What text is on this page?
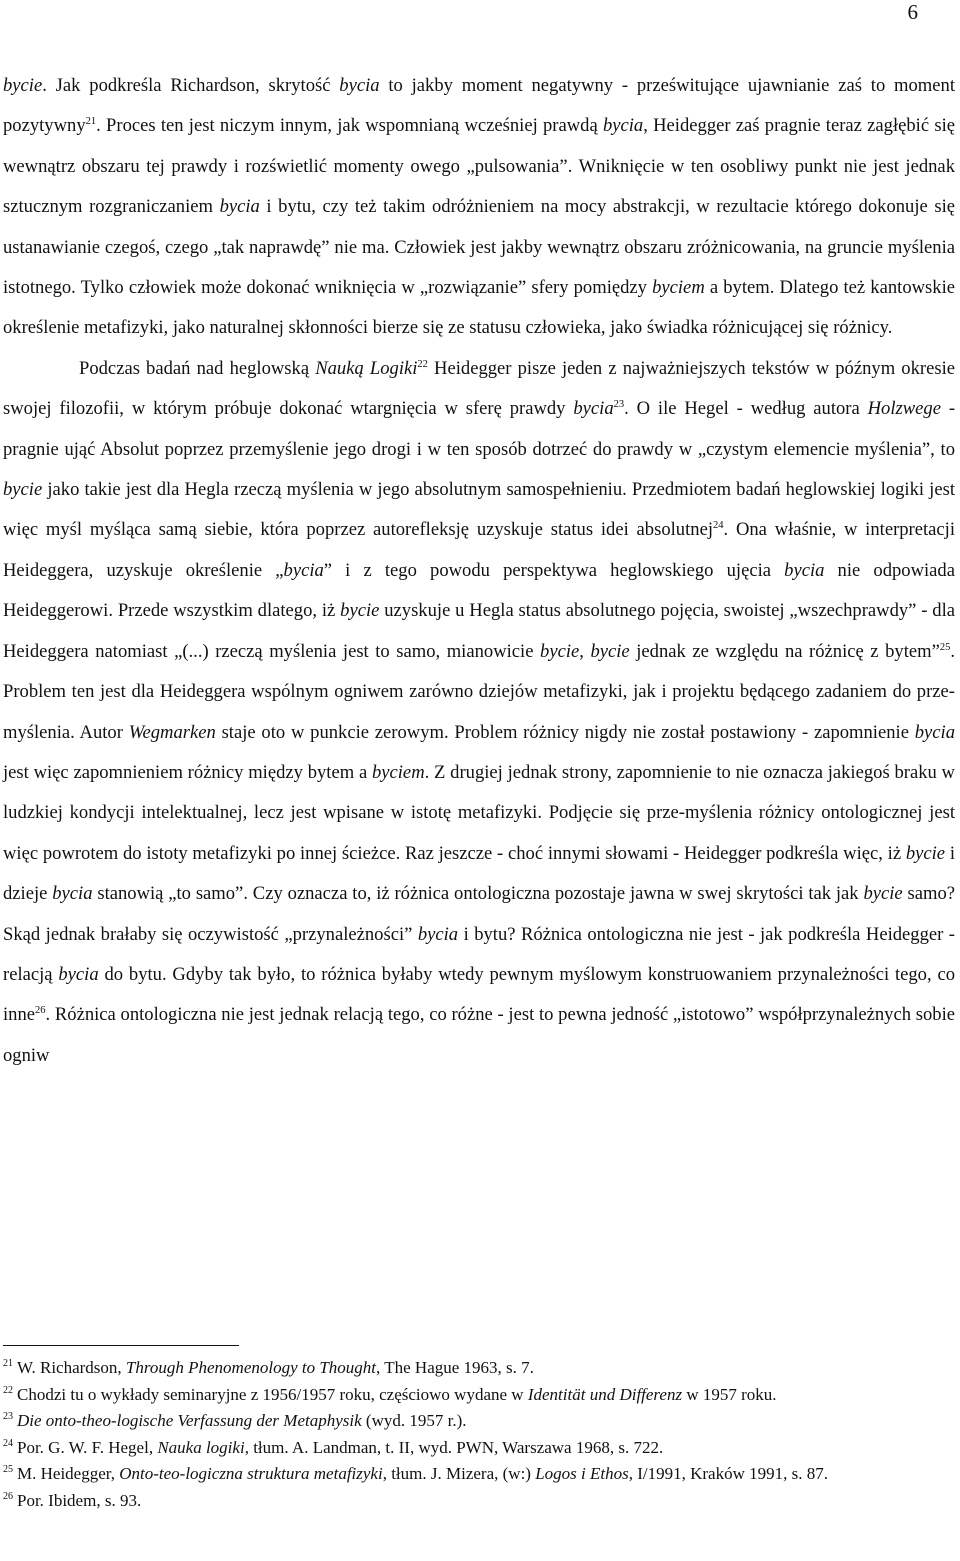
6

bycie. Jak podkreśla Richardson, skrytość bycia to jakby moment negatywny - prześwitujące ujawnianie zaś to moment pozytywny$^{21}$. Proces ten jest niczym innym, jak wspomnianą wcześniej prawdą bycia, Heidegger zaś pragnie teraz zagłębić się wewnątrz obszaru tej prawdy i rozświetlić momenty owego „pulsowania”. Wniknięcie w ten osobliwy punkt nie jest jednak sztucznym rozgraniczaniem bycia i bytu, czy też takim odróżnieniem na mocy abstrakcji, w rezultacie którego dokonuje się ustanawianie czegoś, czego „tak naprawdę” nie ma. Człowiek jest jakby wewnątrz obszaru zróżnicowania, na gruncie myślenia istotnego. Tylko człowiek może dokonać wniknięcia w „rozwiązanie” sfery pomiędzy byciem a bytem. Dlatego też kantowskie określenie metafizyki, jako naturalnej skłonności bierze się ze statusu człowieka, jako świadka różnicującej się różnicy.

Podczas badań nad heglowską Nauką Logiki$^{22}$ Heidegger pisze jeden z najważniejszych tekstów w późnym okresie swojej filozofii, w którym próbuje dokonać wtargnięcia w sferę prawdy bycia$^{23}$. O ile Hegel - według autora Holzwege - pragnie ująć Absolut poprzez przemyślenie jego drogi i w ten sposób dotrzeć do prawdy w „czystym elemencie myślenia”, to bycie jako takie jest dla Hegla rzeczą myślenia w jego absolutnym samospełnieniu. Przedmiotem badań heglowskiej logiki jest więc myśl myśląca samą siebie, która poprzez autorefleksję uzyskuje status idei absolutnej$^{24}$. Ona właśnie, w interpretacji Heideggera, uzyskuje określenie „bycia” i z tego powodu perspektywa heglowskiego ujęcia bycia nie odpowiada Heideggerowi. Przede wszystkim dlatego, iż bycie uzyskuje u Hegla status absolutnego pojęcia, swoistej „wszechprawdy” - dla Heideggera natomiast „(...) rzeczą myślenia jest to samo, mianowicie bycie, bycie jednak ze względu na różnicę z bytem”$^{25}$. Problem ten jest dla Heideggera wspólnym ogniwem zarówno dziejów metafizyki, jak i projektu będącego zadaniem do prze-myślenia. Autor Wegmarken staje oto w punkcie zerowym. Problem różnicy nigdy nie został postawiony - zapomnienie bycia jest więc zapomnieniem różnicy między bytem a byciem. Z drugiej jednak strony, zapomnienie to nie oznacza jakiegoś braku w ludzkiej kondycji intelektualnej, lecz jest wpisane w istotę metafizyki. Podjęcie się prze-myślenia różnicy ontologicznej jest więc powrotem do istoty metafizyki po innej ścieżce. Raz jeszcze - choć innymi słowami - Heidegger podkreśla więc, iż bycie i dzieje bycia stanowią „to samo”. Czy oznacza to, iż różnica ontologiczna pozostaje jawna w swej skrytości tak jak bycie samo? Skąd jednak brałaby się oczywistość „przynależności” bycia i bytu? Różnica ontologiczna nie jest - jak podkreśla Heidegger - relacją bycia do bytu. Gdyby tak było, to różnica byłaby wtedy pewnym myślowym konstruowaniem przynależności tego, co inne$^{26}$. Różnica ontologiczna nie jest jednak relacją tego, co różne - jest to pewna jedność „istotowo” współprzynależnych sobie ogniw

$^{21}$ W. Richardson, Through Phenomenology to Thought, The Hague 1963, s. 7.

$^{22}$ Chodzi tu o wykłady seminaryjne z 1956/1957 roku, częściowo wydane w Identität und Differenz w 1957 roku.

$^{23}$ Die onto-theo-logische Verfassung der Metaphysik (wyd. 1957 r.).

$^{24}$ Por. G. W. F. Hegel, Nauka logiki, tłum. A. Landman, t. II, wyd. PWN, Warszawa 1968, s. 722.

$^{25}$ M. Heidegger, Onto-teo-logiczna struktura metafizyki, tłum. J. Mizera, (w:) Logos i Ethos, I/1991, Kraków 1991, s. 87.

$^{26}$ Por. Ibidem, s. 93.
